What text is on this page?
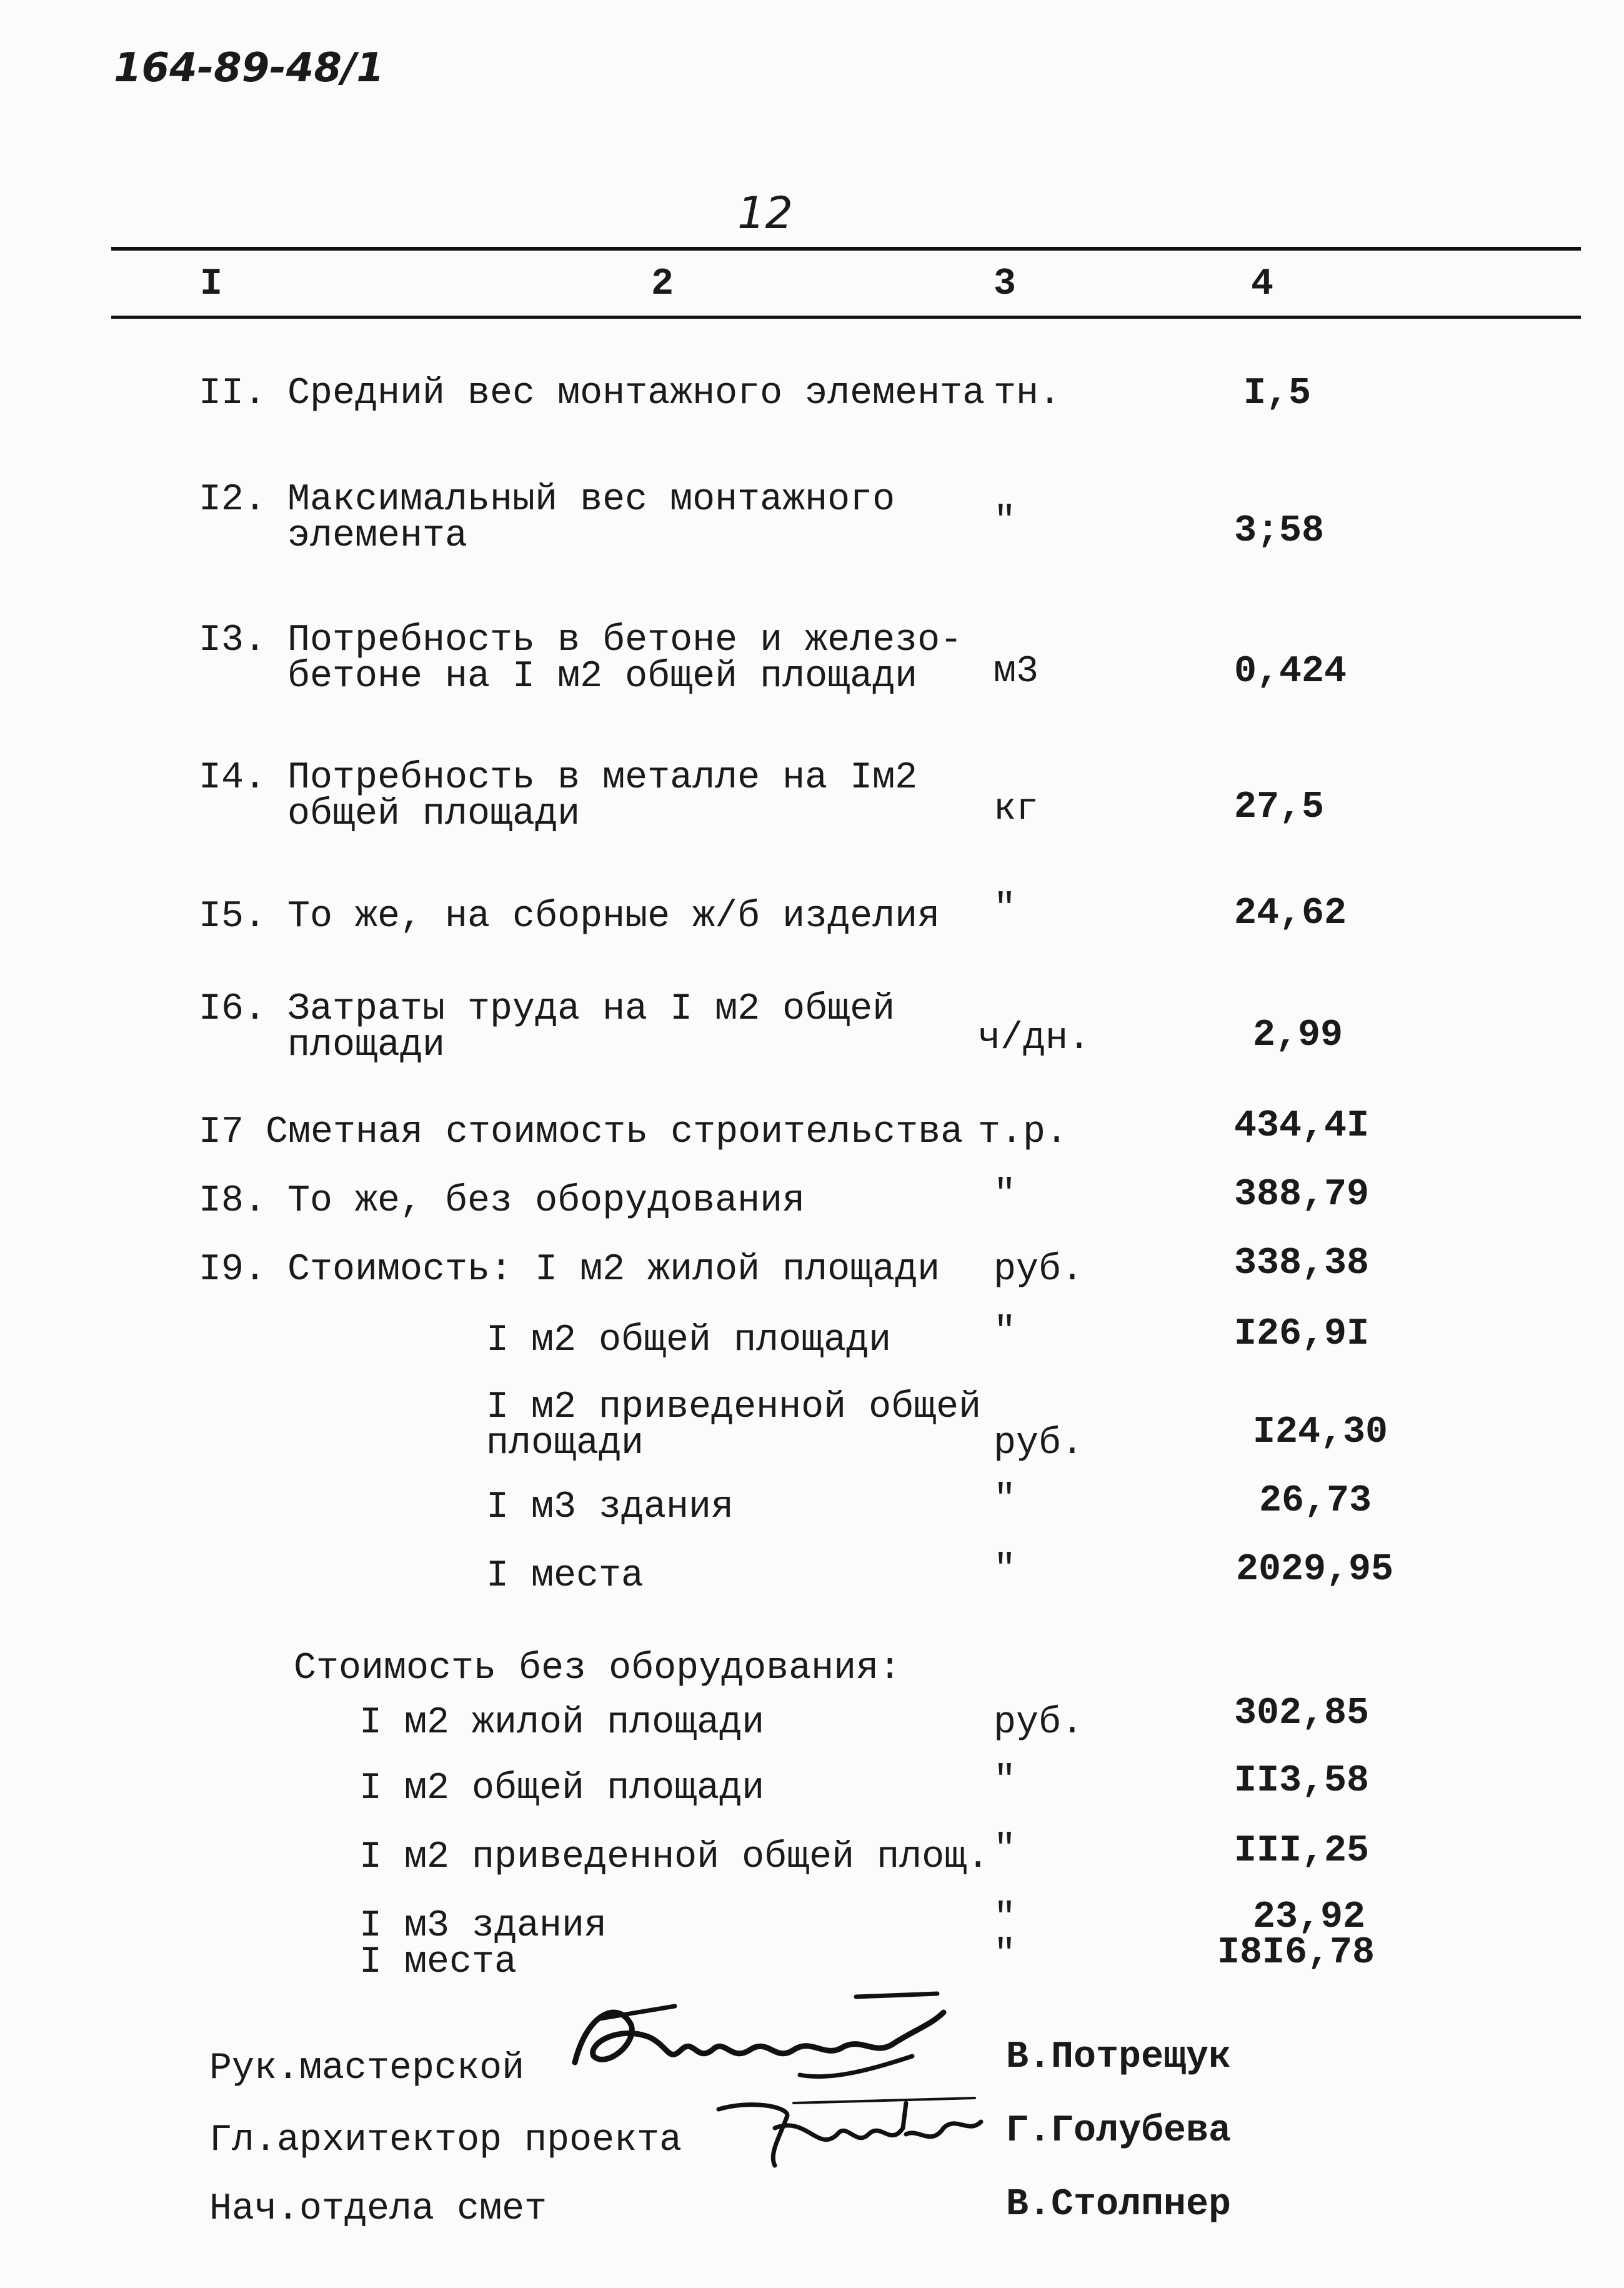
164-89-48/1
12
I	2	3	4
II. Средний вес монтажного элемента тн.	I,5
I2. Максимальный вес монтажного
элемента	"	3;58
I3. Потребность в бетоне и железо-
бетоне на I м2 общей площади м3	0,424
I4. Потребность в металле на Iм2
общей площади	кг	27,5
I5. То же, на сборные ж/б изделия "	24,62
I6. Затраты труда на I м2 общей
площади	ч/дн.	2,99
I7 Сметная стоимость строительства т.р.	434,4I
I8. То же, без оборудования	"	388,79
I9. Стоимость: I м2 жилой площади руб.	338,38
I м2 общей площади	"	I26,9I
I м2 приведенной общей
площади	руб.	I24,30
I м3 здания	"	26,73
I места	"	2029,95
Стоимость без оборудования:
I м2 жилой площади	руб.	302,85
I м2 общей площади	"	II3,58
I м2 приведенной общей площ. "	III,25
I м3 здания	"	23,92
I места	"	I8I6,78
Рук.мастерской	В.Потрещук
Гл.архитектор проекта	Г.Голубева
Нач.отдела смет	В.Столпнер
